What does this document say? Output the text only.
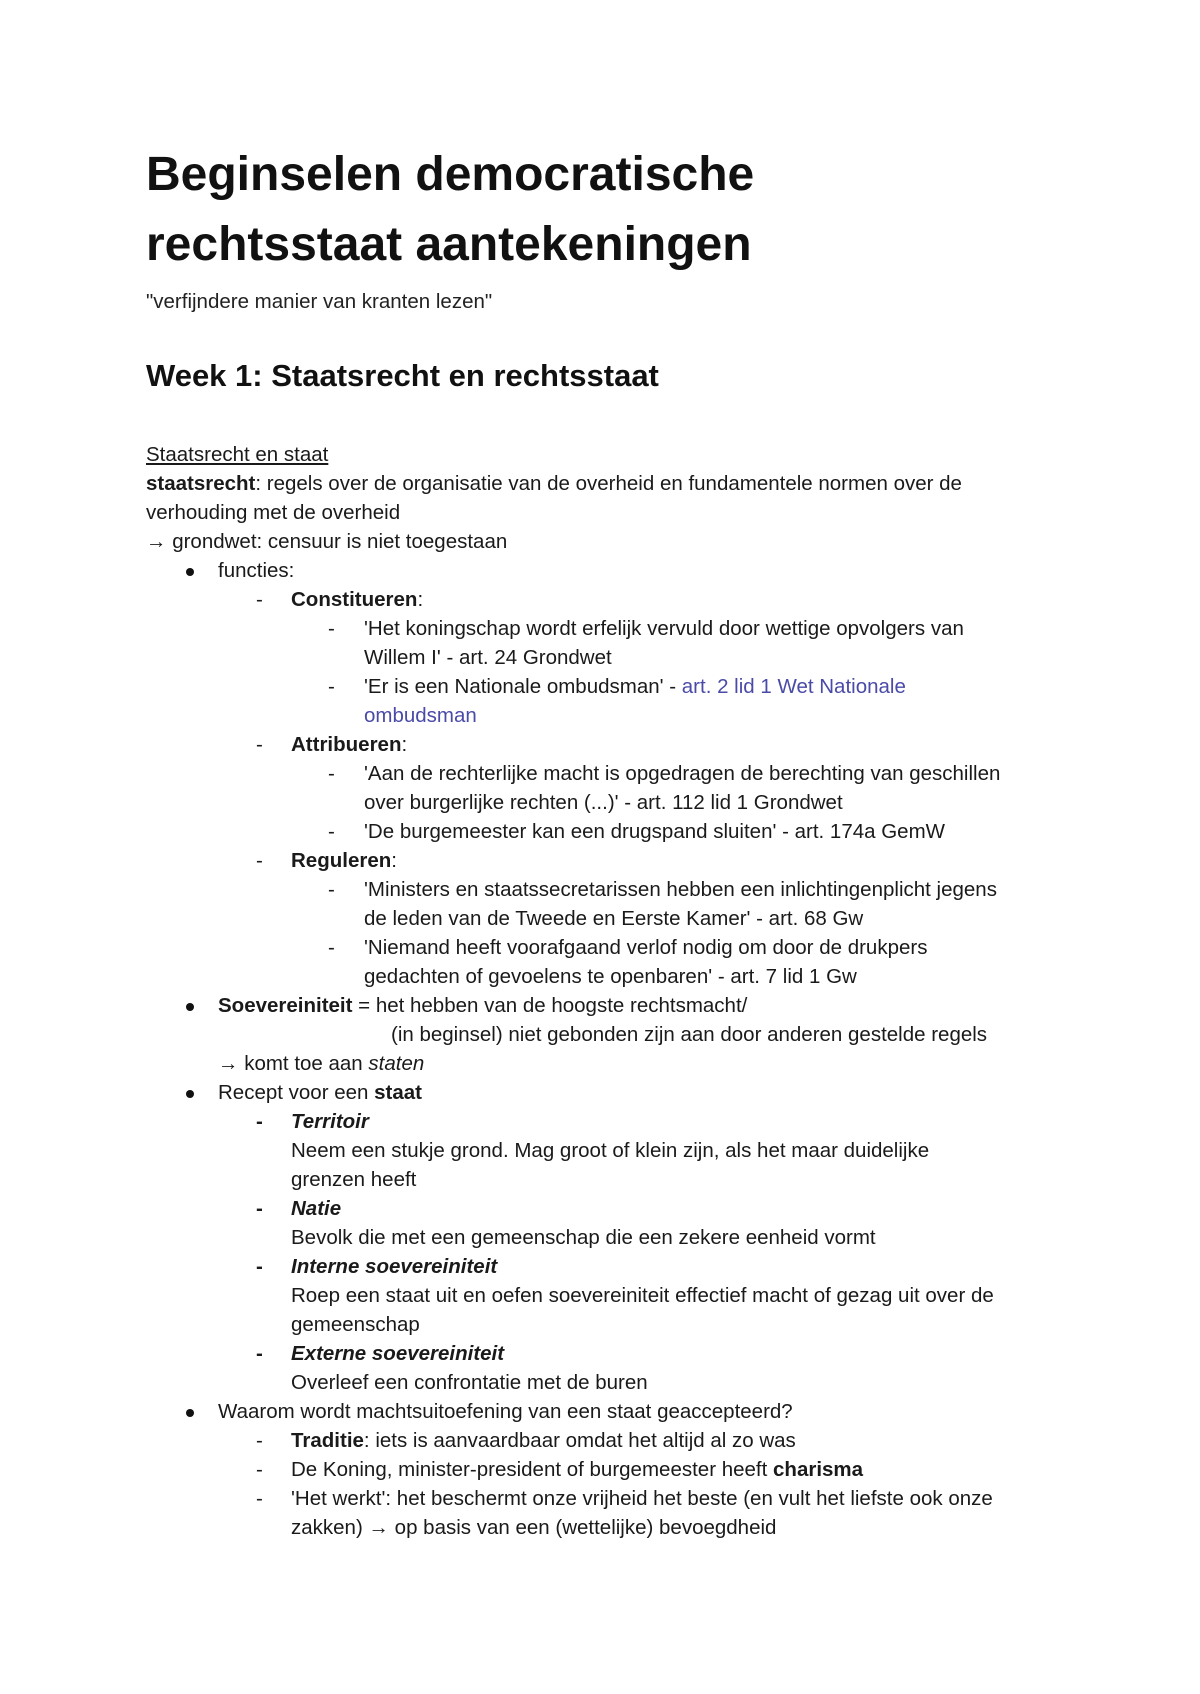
Beginselen democratische
rechtsstaat aantekeningen
"verfijndere manier van kranten lezen"
Week 1: Staatsrecht en rechtsstaat
Staatsrecht en staat
staatsrecht: regels over de organisatie van de overheid en fundamentele normen over de
verhouding met de overheid
→ grondwet: censuur is niet toegestaan
functies:
- Constitueren:
- 'Het koningschap wordt erfelijk vervuld door wettige opvolgers van
Willem I' - art. 24 Grondwet
- 'Er is een Nationale ombudsman' - art. 2 lid 1 Wet Nationale
ombudsman
- Attribueren:
- 'Aan de rechterlijke macht is opgedragen de berechting van geschillen
over burgerlijke rechten (...)' - art. 112 lid 1 Grondwet
- 'De burgemeester kan een drugspand sluiten' - art. 174a GemW
- Reguleren:
- 'Ministers en staatssecretarissen hebben een inlichtingenplicht jegens
de leden van de Tweede en Eerste Kamer' - art. 68 Gw
- 'Niemand heeft voorafgaand verlof nodig om door de drukpers
gedachten of gevoelens te openbaren' - art. 7 lid 1 Gw
Soevereiniteit = het hebben van de hoogste rechtsmacht/
(in beginsel) niet gebonden zijn aan door anderen gestelde regels
→ komt toe aan staten
Recept voor een staat
- Territoir
Neem een stukje grond. Mag groot of klein zijn, als het maar duidelijke
grenzen heeft
- Natie
Bevolk die met een gemeenschap die een zekere eenheid vormt
- Interne soevereiniteit
Roep een staat uit en oefen soevereiniteit effectief macht of gezag uit over de
gemeenschap
- Externe soevereiniteit
Overleef een confrontatie met de buren
Waarom wordt machtsuitoefening van een staat geaccepteerd?
- Traditie: iets is aanvaardbaar omdat het altijd al zo was
- De Koning, minister-president of burgemeester heeft charisma
- 'Het werkt': het beschermt onze vrijheid het beste (en vult het liefste ook onze
zakken) → op basis van een (wettelijke) bevoegdheid
